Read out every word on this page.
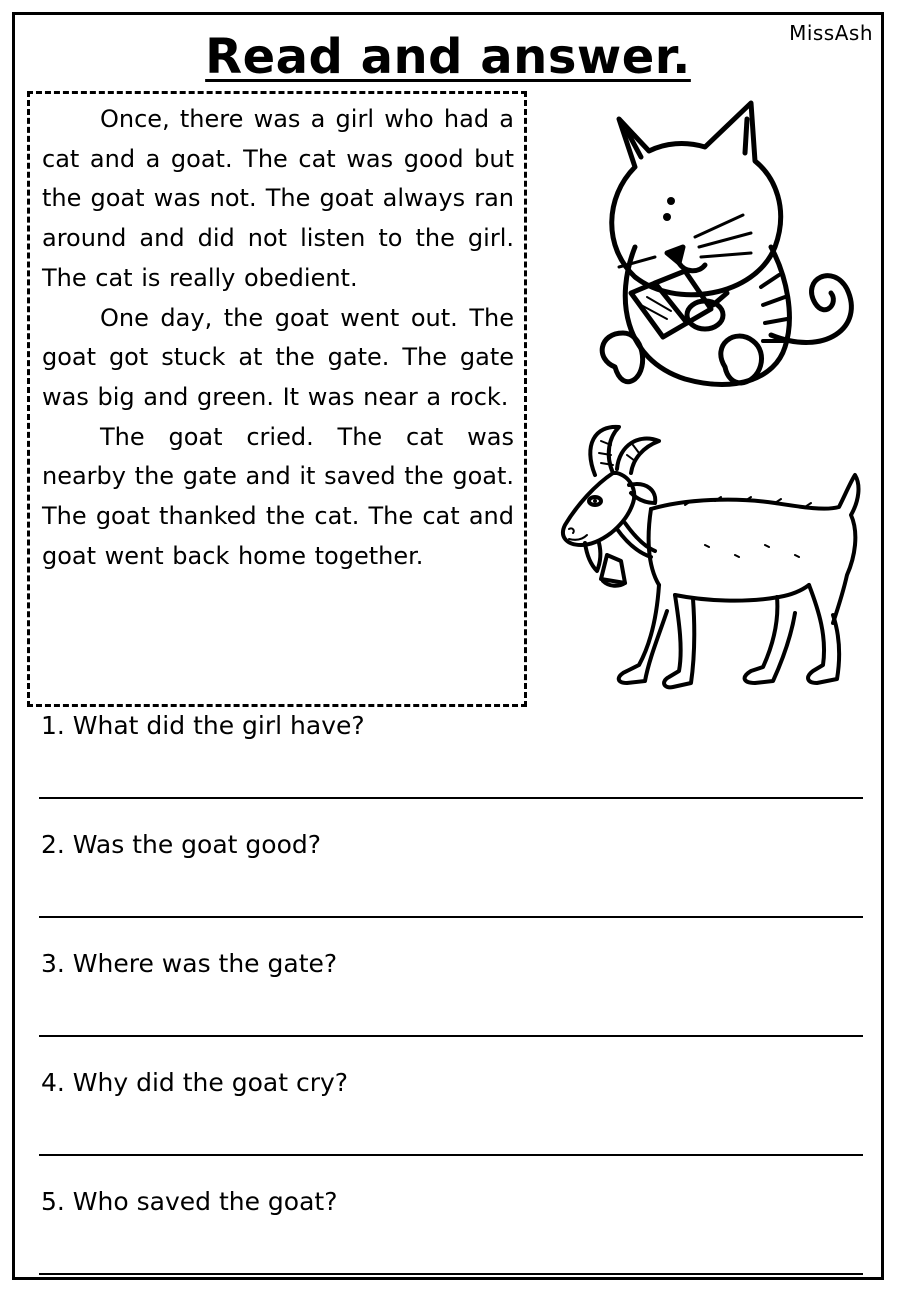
MissAsh
Read and answer.

Once, there was a girl who had a cat and a goat. The cat was good but the goat was not. The goat always ran around and did not listen to the girl. The cat is really obedient.

One day, the goat went out. The goat got stuck at the gate. The gate was big and green. It was near a rock.

The goat cried. The cat was nearby the gate and it saved the goat. The goat thanked the cat. The cat and goat went back home together.

1. What did the girl have?
2. Was the goat good?
3. Where was the gate?
4. Why did the goat cry?
5. Who saved the goat?
